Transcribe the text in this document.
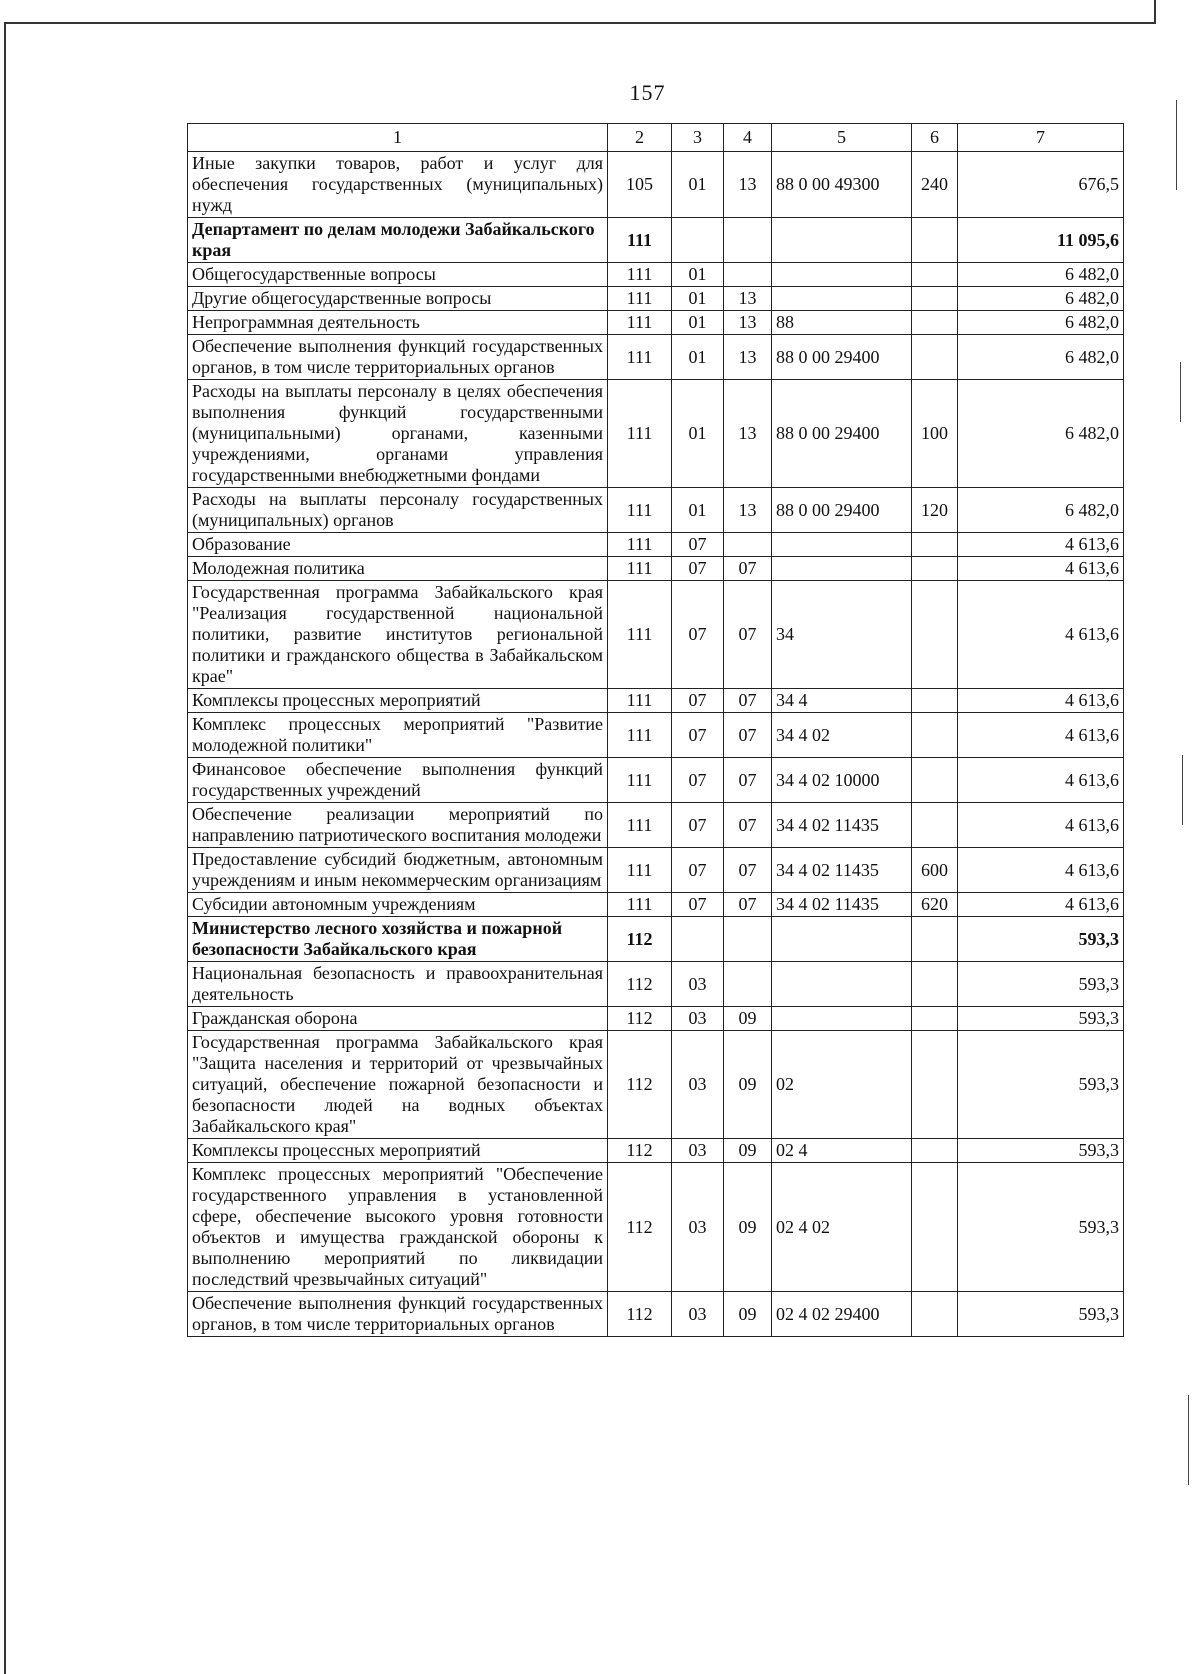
157
1	2	3	4	5	6	7
Иные закупки товаров, работ и услуг для обеспечения государственных (муниципальных) нужд	105	01	13	88 0 00 49300	240	676,5
Департамент по делам молодежи Забайкальского края	111					11 095,6
Общегосударственные вопросы	111	01				6 482,0
Другие общегосударственные вопросы	111	01	13			6 482,0
Непрограммная деятельность	111	01	13	88		6 482,0
Обеспечение выполнения функций государственных органов, в том числе территориальных органов	111	01	13	88 0 00 29400		6 482,0
Расходы на выплаты персоналу в целях обеспечения выполнения функций государственными (муниципальными) органами, казенными учреждениями, органами управления государственными внебюджетными фондами	111	01	13	88 0 00 29400	100	6 482,0
Расходы на выплаты персоналу государственных (муниципальных) органов	111	01	13	88 0 00 29400	120	6 482,0
Образование	111	07				4 613,6
Молодежная политика	111	07	07			4 613,6
Государственная программа Забайкальского края "Реализация государственной национальной политики, развитие институтов региональной политики и гражданского общества в Забайкальском крае"	111	07	07	34		4 613,6
Комплексы процессных мероприятий	111	07	07	34 4		4 613,6
Комплекс процессных мероприятий "Развитие молодежной политики"	111	07	07	34 4 02		4 613,6
Финансовое обеспечение выполнения функций государственных учреждений	111	07	07	34 4 02 10000		4 613,6
Обеспечение реализации мероприятий по направлению патриотического воспитания молодежи	111	07	07	34 4 02 11435		4 613,6
Предоставление субсидий бюджетным, автономным учреждениям и иным некоммерческим организациям	111	07	07	34 4 02 11435	600	4 613,6
Субсидии автономным учреждениям	111	07	07	34 4 02 11435	620	4 613,6
Министерство лесного хозяйства и пожарной безопасности Забайкальского края	112					593,3
Национальная безопасность и правоохранительная деятельность	112	03				593,3
Гражданская оборона	112	03	09			593,3
Государственная программа Забайкальского края "Защита населения и территорий от чрезвычайных ситуаций, обеспечение пожарной безопасности и безопасности людей на водных объектах Забайкальского края"	112	03	09	02		593,3
Комплексы процессных мероприятий	112	03	09	02 4		593,3
Комплекс процессных мероприятий "Обеспечение государственного управления в установленной сфере, обеспечение высокого уровня готовности объектов и имущества гражданской обороны к выполнению мероприятий по ликвидации последствий чрезвычайных ситуаций"	112	03	09	02 4 02		593,3
Обеспечение выполнения функций государственных органов, в том числе территориальных органов	112	03	09	02 4 02 29400		593,3
